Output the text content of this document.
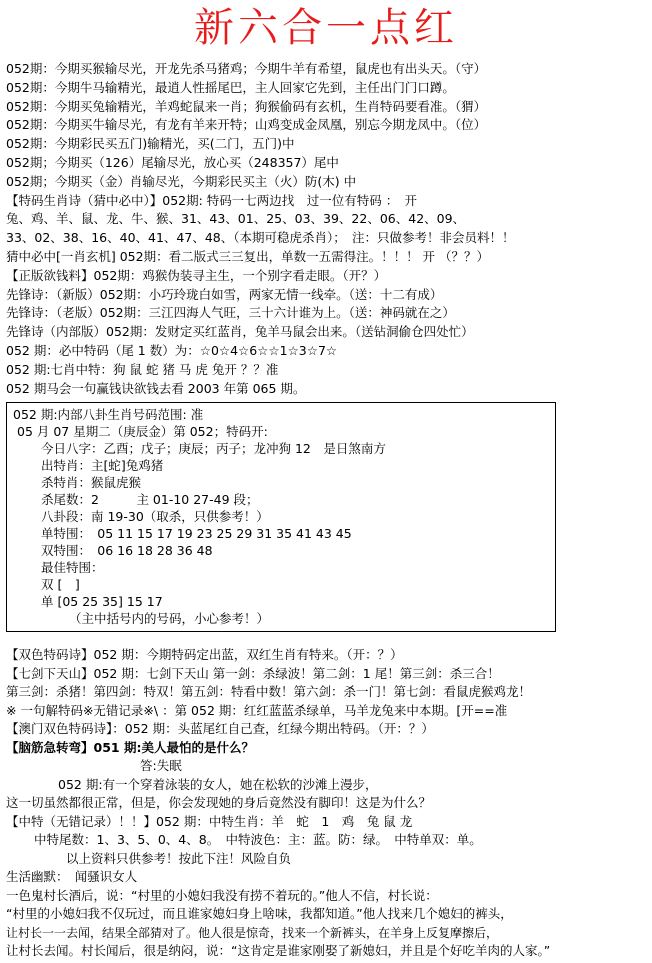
新六合一点红
052期：今期买猴输尽光，开龙先杀马猪鸡；今期牛羊有希望，鼠虎也有出头天。（守）
052期：今期牛马输精光，最逍人性摇尾巴，主人回家它先到，主任出门门口蹲。
052期：今期买兔输精光，羊鸡蛇鼠来一肖；狗猴偷码有玄机，生肖特码要看准。（猬）
052期：今期买牛输尽光，有龙有羊来开特；山鸡变成金凤凰，别忘今期龙凤中。（位）
052期：今期彩民买五门)输精光，买(二门，五门)中
052期；今期买（126）尾输尽光，放心买（248357）尾中
052期；今期买（金）肖输尽光，今期彩民买主（火）防(木) 中
【特码生肖诗（猜中必中）】052期: 特码一七两边找　过一位有特码 ：　开
兔、鸡、羊、鼠、龙、牛、猴、31、43、01、25、03、39、22、06、42、09、
33、02、38、16、40、41、47、48、（本期可稳虎杀肖）；　注：只做参考！非会员料！！
猜中必中[一肖玄机] 052期：看二版式三三复出，单数一五需得注。！！！ 开 （？？）
【正版欲钱料】052期：鸡猴伪装寻主生，一个别字看走眼。（开？）
先锋诗：（新版）052期：小巧玲珑白如雪，两家无情一线牵。（送：十二有成）
先锋诗：（老版）052期：三江四海人气旺，三十六计谁为上。（送：神码就在之）
先锋诗（内部版）052期：发财定买红蓝肖，兔羊马鼠会出来。（送钻洞偷仓四处忙）
052 期：必中特码（尾 1 数）为：☆0☆4☆6☆☆1☆3☆7☆
052 期:七肖中特：狗 鼠 蛇 猪 马 虎 兔开 ？？准
052 期马会一句赢钱诀欲钱去看 2003 年第 065 期。
052 期:内部八卦生肖号码范围: 准
05 月 07 星期二（庚辰金）第 052；特码开:
今日八字：乙酉；戊子；庚辰；丙子；龙冲狗 12　是日煞南方
出特肖：主[蛇]兔鸡猪
杀特肖：猴鼠虎猴
杀尾数：2　　　主 01-10 27-49 段；
八卦段：南 19-30（取杀，只供参考！）
单特围：　05 11 15 17 19 23 25 29 31 35 41 43 45
双特围：　06 16 18 28 36 48
最佳特围：
双 [　]
单 [05 25 35] 15 17
（主中括号内的号码，小心参考！）
【双色特码诗】052 期：今期特码定出蓝，双红生肖有特来。（开：？）
【七剑下天山】052 期：七剑下天山 第一剑：杀绿波！第二剑：1 尾！第三剑：杀三合！
第三剑：杀猪！第四剑：特双！第五剑：特看中数！第六剑：杀一门！第七剑：看鼠虎猴鸡龙！
※ 一句解特码※无错记录※\ ：第 052 期：红红蓝蓝杀绿单，马羊龙兔来中本期。[开==准
【澳门双色特码诗】：052 期：头蓝尾红自己查，红绿今期出特码。（开：？）
【脑筋急转弯】051 期:美人最怕的是什么？
答:失眠
052 期:有一个穿着泳装的女人，她在松软的沙滩上漫步，
这一切虽然都很正常，但是，你会发现她的身后竟然没有脚印！这是为什么？
【中特（无错记录）！！】052 期：中特生肖：羊　蛇　1　鸡　兔 鼠 龙
中特尾数：1、3、5、0、4、8。　中特波色：主：蓝。防：绿。　中特单双：单。
以上资料只供参考！按此下注！风险自负
生活幽默：　闻骚识女人
一色鬼村长酒后，说：“村里的小媳妇我没有捞不着玩的。”他人不信，村长说：
“村里的小媳妇我不仅玩过，而且谁家媳妇身上啥味，我都知道。”他人找来几个媳妇的裤头，
让村长一一去闻，结果全部猜对了。他人很是惊奇，找来一个新裤头，在羊身上反复摩擦后，
让村长去闻。村长闻后，很是纳闷，说：“这肯定是谁家刚娶了新媳妇，并且是个好吃羊肉的人家。”
